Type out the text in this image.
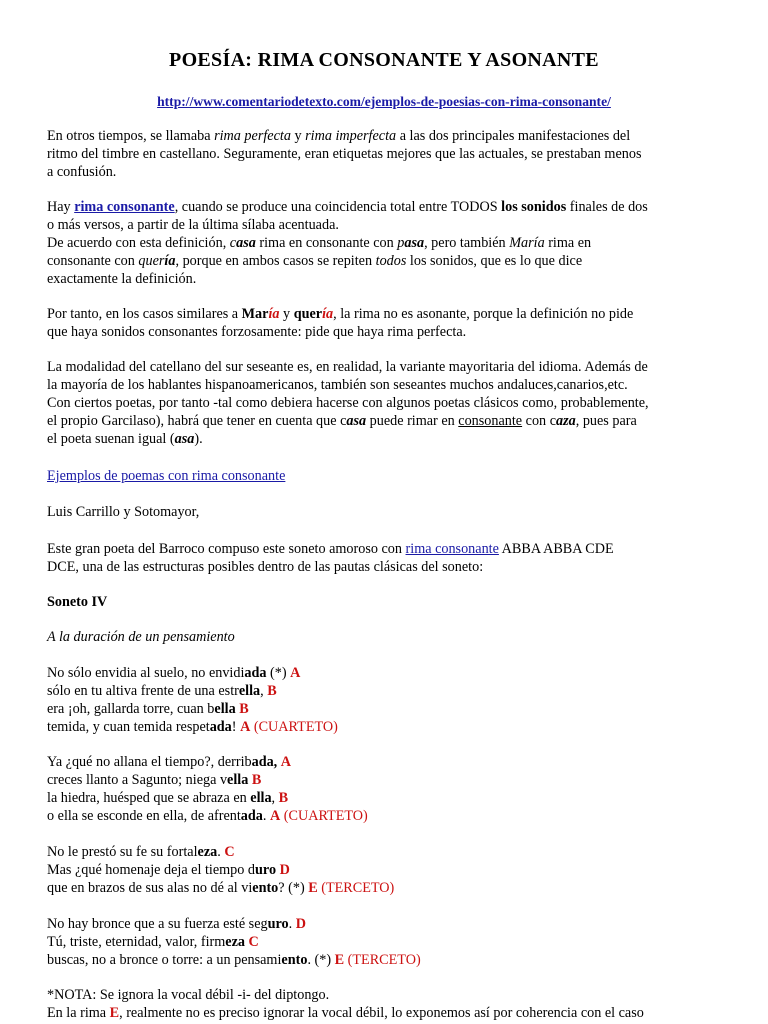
POESÍA: RIMA CONSONANTE Y ASONANTE
http://www.comentariodetexto.com/ejemplos-de-poesias-con-rima-consonante/
En otros tiempos, se llamaba rima perfecta y rima imperfecta a las dos principales manifestaciones del
ritmo del timbre en castellano. Seguramente, eran etiquetas mejores que las actuales, se prestaban menos
a confusión.
Hay rima consonante, cuando se produce una coincidencia total entre TODOS los sonidos finales de dos
o más versos, a partir de la última sílaba acentuada.
De acuerdo con esta definición, casa rima en consonante con pasa, pero también María rima en
consonante con quería, porque en ambos casos se repiten todos los sonidos, que es lo que dice
exactamente la definición.
Por tanto, en los casos similares a María y quería, la rima no es asonante, porque la definición no pide
que haya sonidos consonantes forzosamente: pide que haya rima perfecta.
La modalidad del catellano del sur seseante es, en realidad, la variante mayoritaria del idioma. Además de
la mayoría de los hablantes hispanoamericanos, también son seseantes muchos andaluces,canarios,etc.
Con ciertos poetas, por tanto -tal como debiera hacerse con algunos poetas clásicos como, probablemente,
el propio Garcilaso), habrá que tener en cuenta que casa puede rimar en consonante con caza, pues para
el poeta suenan igual (asa).
Ejemplos de poemas con rima consonante
Luis Carrillo y Sotomayor,
Este gran poeta del Barroco compuso este soneto amoroso con rima consonante ABBA ABBA CDE
DCE, una de las estructuras posibles dentro de las pautas clásicas del soneto:
Soneto IV
A la duración de un pensamiento
No sólo envidia al suelo, no envidiada (*) A
sólo en tu altiva frente de una estrella, B
era ¡oh, gallarda torre, cuan bella B
temida, y cuan temida respetada! A (CUARTETO)
Ya ¿qué no allana el tiempo?, derribada, A
creces llanto a Sagunto; niega vella B
la hiedra, huésped que se abraza en ella, B
o ella se esconde en ella, de afrentada. A (CUARTETO)
No le prestó su fe su fortaleza. C
Mas ¿qué homenaje deja el tiempo duro D
que en brazos de sus alas no dé al viento? (*) E (TERCETO)
No hay bronce que a su fuerza esté seguro. D
Tú, triste, eternidad, valor, firmeza C
buscas, no a bronce o torre: a un pensamiento. (*) E (TERCETO)
*NOTA: Se ignora la vocal débil -i- del diptongo.
En la rima E, realmente no es preciso ignorar la vocal débil, lo exponemos así por coherencia con el caso
